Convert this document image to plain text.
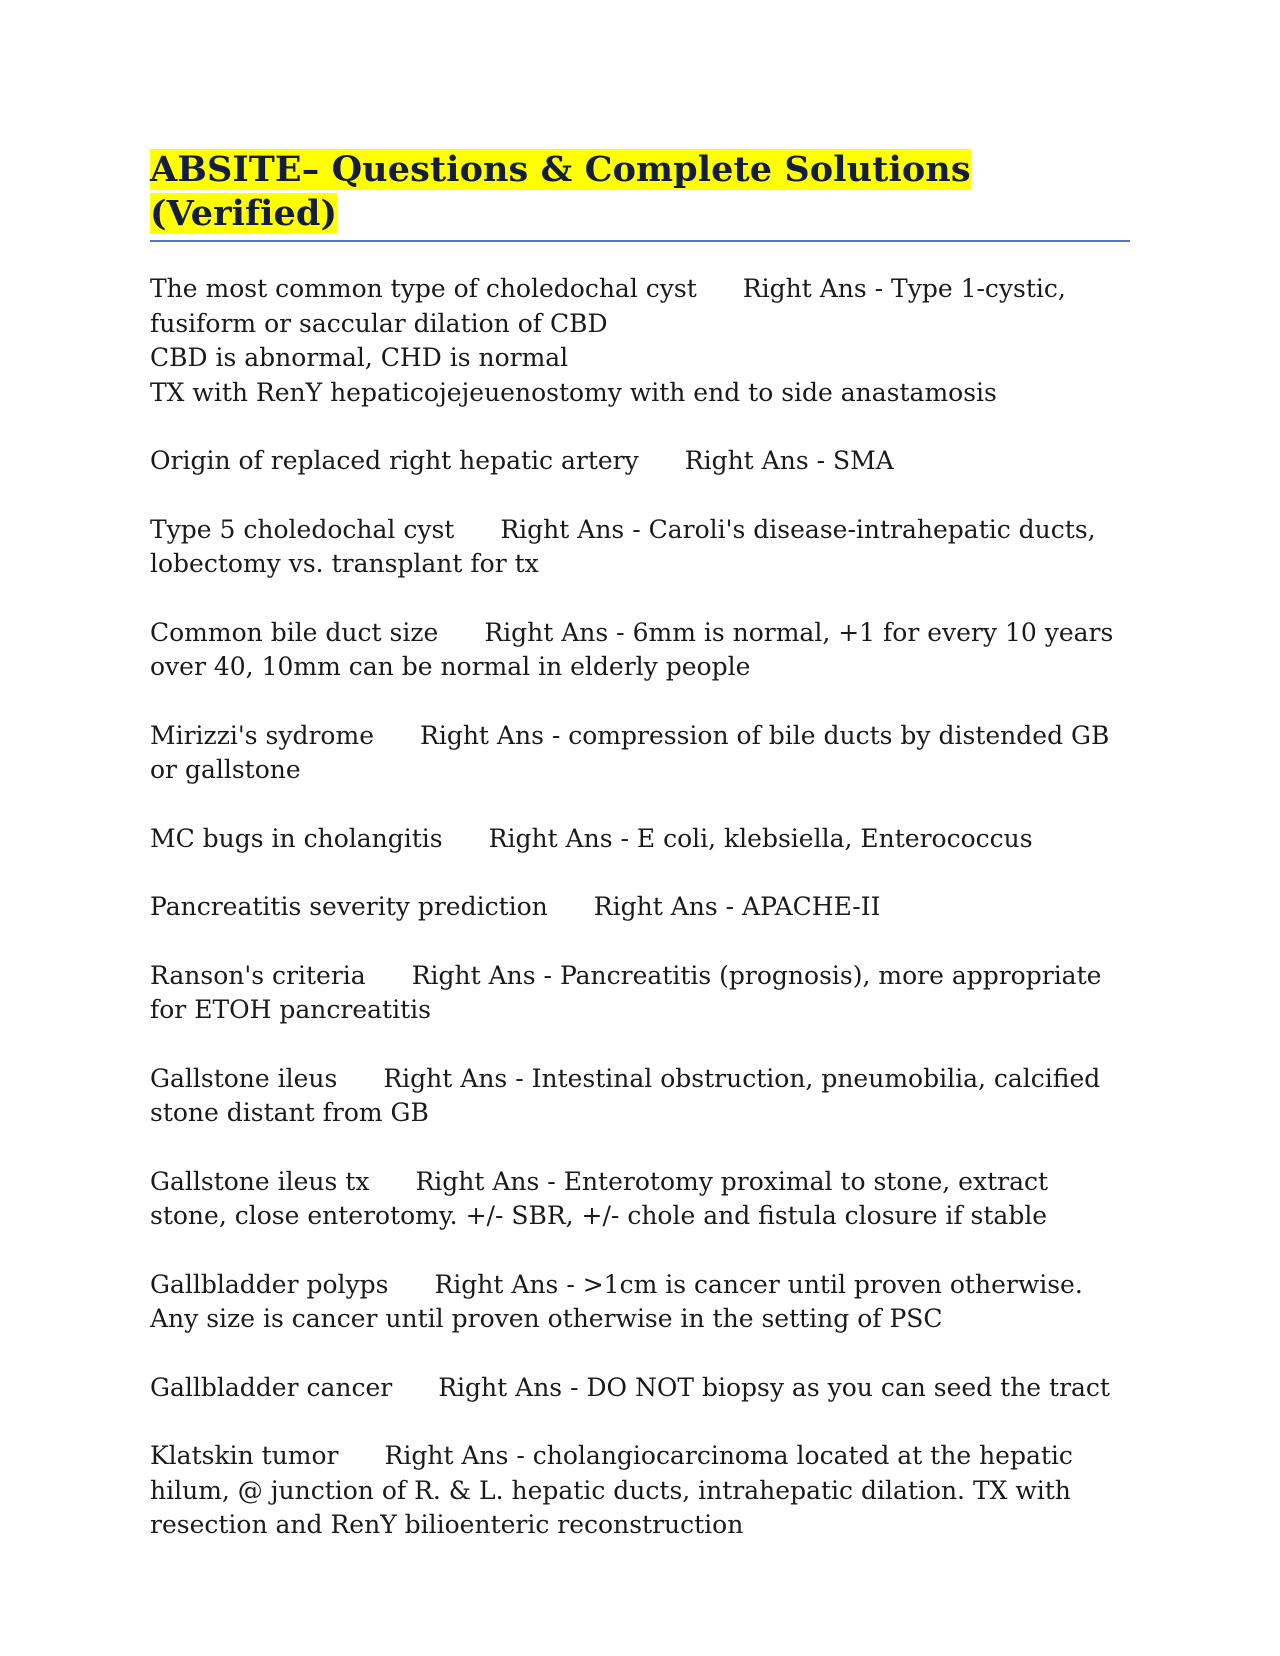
ABSITE– Questions & Complete Solutions (Verified)

The most common type of choledochal cyst Right Ans - Type 1-cystic, fusiform or saccular dilation of CBD
CBD is abnormal, CHD is normal
TX with RenY hepaticojejeuenostomy with end to side anastamosis

Origin of replaced right hepatic artery Right Ans - SMA

Type 5 choledochal cyst Right Ans - Caroli's disease-intrahepatic ducts, lobectomy vs. transplant for tx

Common bile duct size Right Ans - 6mm is normal, +1 for every 10 years over 40, 10mm can be normal in elderly people

Mirizzi's sydrome Right Ans - compression of bile ducts by distended GB or gallstone

MC bugs in cholangitis Right Ans - E coli, klebsiella, Enterococcus

Pancreatitis severity prediction Right Ans - APACHE-II

Ranson's criteria Right Ans - Pancreatitis (prognosis), more appropriate for ETOH pancreatitis

Gallstone ileus Right Ans - Intestinal obstruction, pneumobilia, calcified stone distant from GB

Gallstone ileus tx Right Ans - Enterotomy proximal to stone, extract stone, close enterotomy. +/- SBR, +/- chole and fistula closure if stable

Gallbladder polyps Right Ans - >1cm is cancer until proven otherwise. Any size is cancer until proven otherwise in the setting of PSC

Gallbladder cancer Right Ans - DO NOT biopsy as you can seed the tract

Klatskin tumor Right Ans - cholangiocarcinoma located at the hepatic hilum, @ junction of R. & L. hepatic ducts, intrahepatic dilation. TX with resection and RenY bilioenteric reconstruction
